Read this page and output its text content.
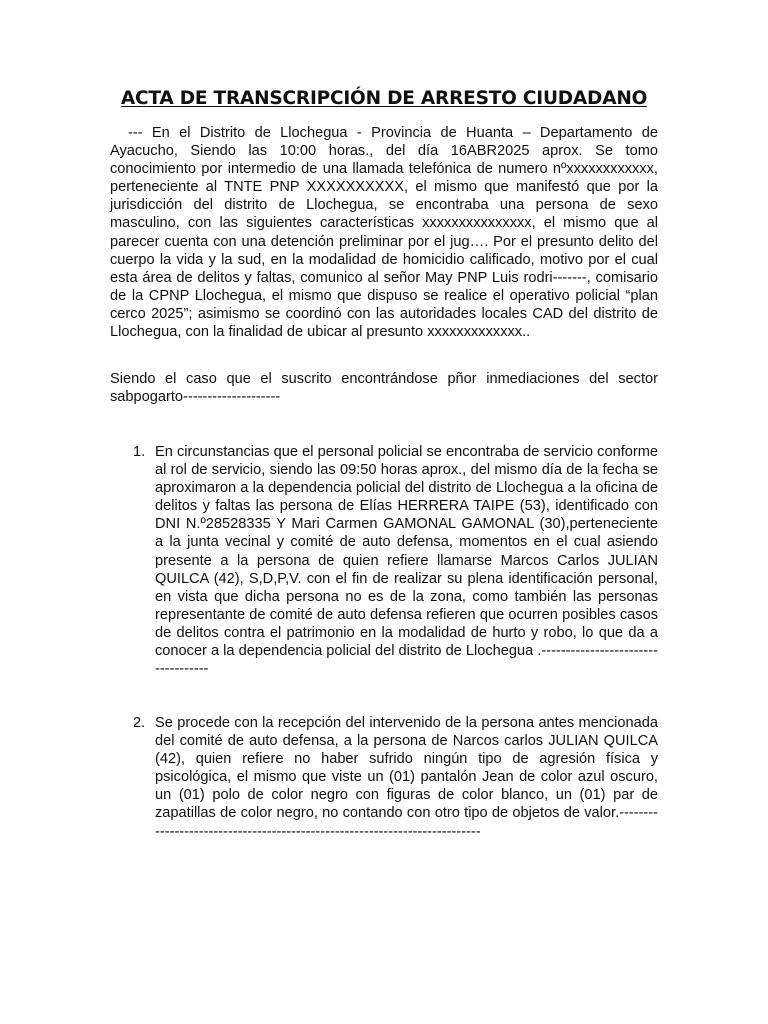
ACTA DE TRANSCRIPCIÓN DE ARRESTO CIUDADANO
--- En el Distrito de Llochegua - Provincia de Huanta – Departamento de Ayacucho, Siendo las 10:00 horas., del día 16ABR2025 aprox. Se tomo conocimiento por intermedio de una llamada telefónica de numero nºxxxxxxxxxxxx, perteneciente al TNTE PNP XXXXXXXXXX, el mismo que manifestó que por la jurisdicción del distrito de Llochegua, se encontraba una persona de sexo masculino, con las siguientes características xxxxxxxxxxxxxxx, el mismo que al parecer cuenta con una detención preliminar por el jug…. Por el presunto delito del cuerpo la vida y la sud, en la modalidad de homicidio calificado, motivo por el cual esta área de delitos y faltas, comunico al señor May PNP Luis rodri-------, comisario de la CPNP Llochegua, el mismo que dispuso se realice el operativo policial “plan cerco 2025”; asimismo se coordinó con las autoridades locales CAD del distrito de Llochegua, con la finalidad de ubicar al presunto xxxxxxxxxxxxx..
Siendo el caso que el suscrito encontrándose pñor inmediaciones del sector sabpogarto--------------------
1. En circunstancias que el personal policial se encontraba de servicio conforme al rol de servicio, siendo las 09:50 horas aprox., del mismo día de la fecha se aproximaron a la dependencia policial del distrito de Llochegua a la oficina de delitos y faltas las persona de Elías HERRERA TAIPE (53), identificado con DNI N.º28528335 Y Mari Carmen GAMONAL GAMONAL (30),perteneciente a la junta vecinal y comité de auto defensa, momentos en el cual asiendo presente a la persona de quien refiere llamarse Marcos Carlos JULIAN QUILCA (42), S,D,P,V. con el fin de realizar su plena identificación personal, en vista que dicha persona no es de la zona, como también las personas representante de comité de auto defensa refieren que ocurren posibles casos de delitos contra el patrimonio en la modalidad de hurto y robo, lo que da a conocer a la dependencia policial del distrito de Llochegua .-----------------------------------
2. Se procede con la recepción del intervenido de la persona antes mencionada del comité de auto defensa, a la persona de Narcos carlos JULIAN QUILCA (42), quien refiere no haber sufrido ningún tipo de agresión física y psicológica, el mismo que viste un (01) pantalón Jean de color azul oscuro, un (01) polo de color negro con figuras de color blanco, un (01) par de zapatillas de color negro, no contando con otro tipo de objetos de valor.---------------------------------------------------------------------------
